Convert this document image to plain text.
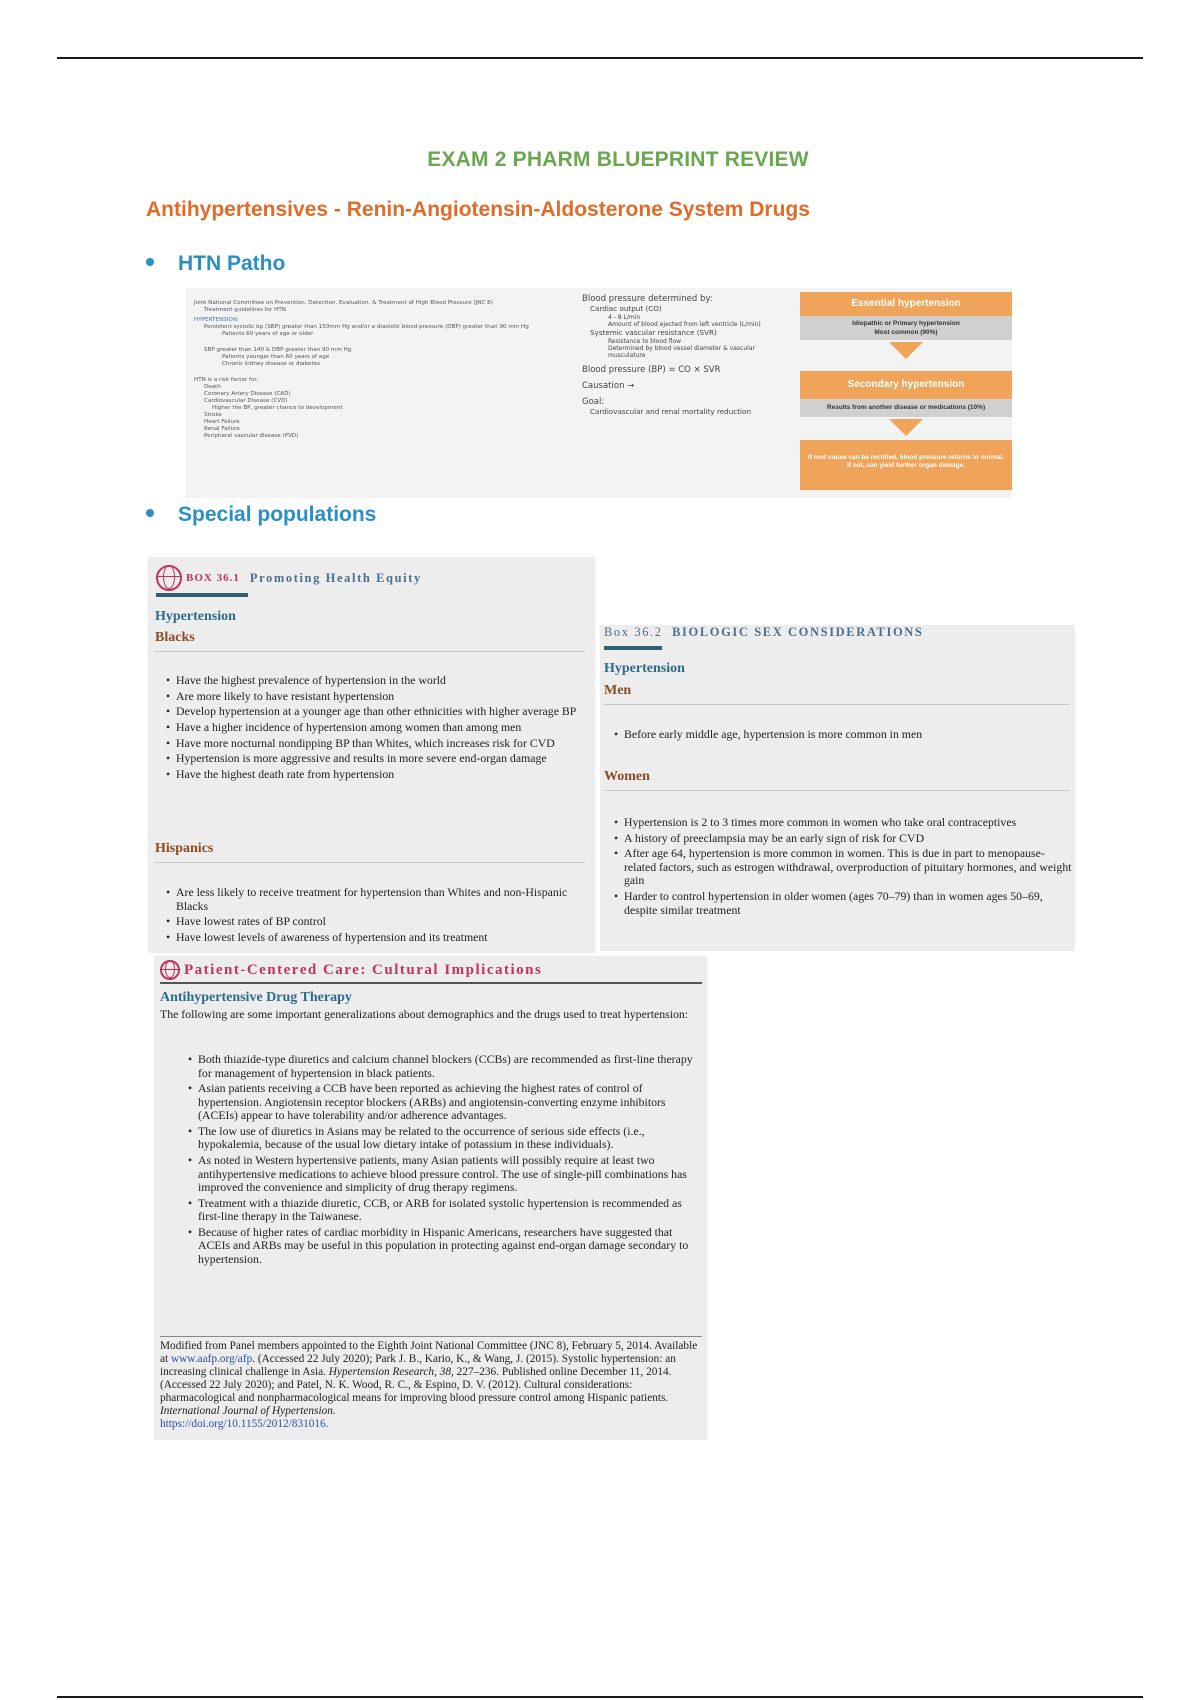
EXAM 2 PHARM BLUEPRINT REVIEW
Antihypertensives - Renin-Angiotensin-Aldosterone System Drugs
HTN Patho
Joint National Committee on Prevention, Detection, Evaluation, & Treatment of High Blood Pressure (JNC 8)
Treatment guidelines for HTN
HYPERTENSION:
Persistent systolic bp (SBP) greater than 150mm Hg and/or a diastolic blood pressure (DBP) greater than 90 mm Hg
Patients 60 years of age or older
SBP greater than 140 & DBP greater than 90 mm Hg
Patients younger than 60 years of age
Chronic kidney disease or diabetes
HTN is a risk factor for:
Death
Coronary Artery Disease (CAD)
Cardiovascular Disease (CVD)
Higher the BP, greater chance to development
Stroke
Heart Failure
Renal Failure
Peripheral vascular disease (PVD)
Blood pressure determined by:
Cardiac output (CO)
4 - 8 L/min
Amount of blood ejected from left ventricle (L/min)
Systemic vascular resistance (SVR)
Resistance to blood flow
Determined by blood vessel diameter & vascular musculature
Blood pressure (BP) = CO × SVR
Causation →
Goal:
Cardiovascular and renal mortality reduction
Essential hypertension
Idiopathic or Primary hypertension
Most common (90%)
Secondary hypertension
Results from another disease or medications (10%)
If root cause can be rectified, blood pressure returns to normal. If not, can yield further organ damage.
Special populations
BOX 36.1 Promoting Health Equity
Hypertension
Blacks
• Have the highest prevalence of hypertension in the world
• Are more likely to have resistant hypertension
• Develop hypertension at a younger age than other ethnicities with higher average BP
• Have a higher incidence of hypertension among women than among men
• Have more nocturnal nondipping BP than Whites, which increases risk for CVD
• Hypertension is more aggressive and results in more severe end-organ damage
• Have the highest death rate from hypertension
Hispanics
• Are less likely to receive treatment for hypertension than Whites and non-Hispanic Blacks
• Have lowest rates of BP control
• Have lowest levels of awareness of hypertension and its treatment
Box 36.2 BIOLOGIC SEX CONSIDERATIONS
Hypertension
Men
• Before early middle age, hypertension is more common in men
Women
• Hypertension is 2 to 3 times more common in women who take oral contraceptives
• A history of preeclampsia may be an early sign of risk for CVD
• After age 64, hypertension is more common in women. This is due in part to menopause-related factors, such as estrogen withdrawal, overproduction of pituitary hormones, and weight gain
• Harder to control hypertension in older women (ages 70–79) than in women ages 50–69, despite similar treatment
Patient-Centered Care: Cultural Implications
Antihypertensive Drug Therapy
The following are some important generalizations about demographics and the drugs used to treat hypertension:
• Both thiazide-type diuretics and calcium channel blockers (CCBs) are recommended as first-line therapy for management of hypertension in black patients.
• Asian patients receiving a CCB have been reported as achieving the highest rates of control of hypertension. Angiotensin receptor blockers (ARBs) and angiotensin-converting enzyme inhibitors (ACEIs) appear to have tolerability and/or adherence advantages.
• The low use of diuretics in Asians may be related to the occurrence of serious side effects (i.e., hypokalemia, because of the usual low dietary intake of potassium in these individuals).
• As noted in Western hypertensive patients, many Asian patients will possibly require at least two antihypertensive medications to achieve blood pressure control. The use of single-pill combinations has improved the convenience and simplicity of drug therapy regimens.
• Treatment with a thiazide diuretic, CCB, or ARB for isolated systolic hypertension is recommended as first-line therapy in the Taiwanese.
• Because of higher rates of cardiac morbidity in Hispanic Americans, researchers have suggested that ACEIs and ARBs may be useful in this population in protecting against end-organ damage secondary to hypertension.
Modified from Panel members appointed to the Eighth Joint National Committee (JNC 8), February 5, 2014. Available at www.aafp.org/afp. (Accessed 22 July 2020); Park J. B., Kario, K., & Wang, J. (2015). Systolic hypertension: an increasing clinical challenge in Asia. Hypertension Research, 38, 227–236. Published online December 11, 2014. (Accessed 22 July 2020); and Patel, N. K. Wood, R. C., & Espino, D. V. (2012). Cultural considerations: pharmacological and nonpharmacological means for improving blood pressure control among Hispanic patients. International Journal of Hypertension.
https://doi.org/10.1155/2012/831016.
